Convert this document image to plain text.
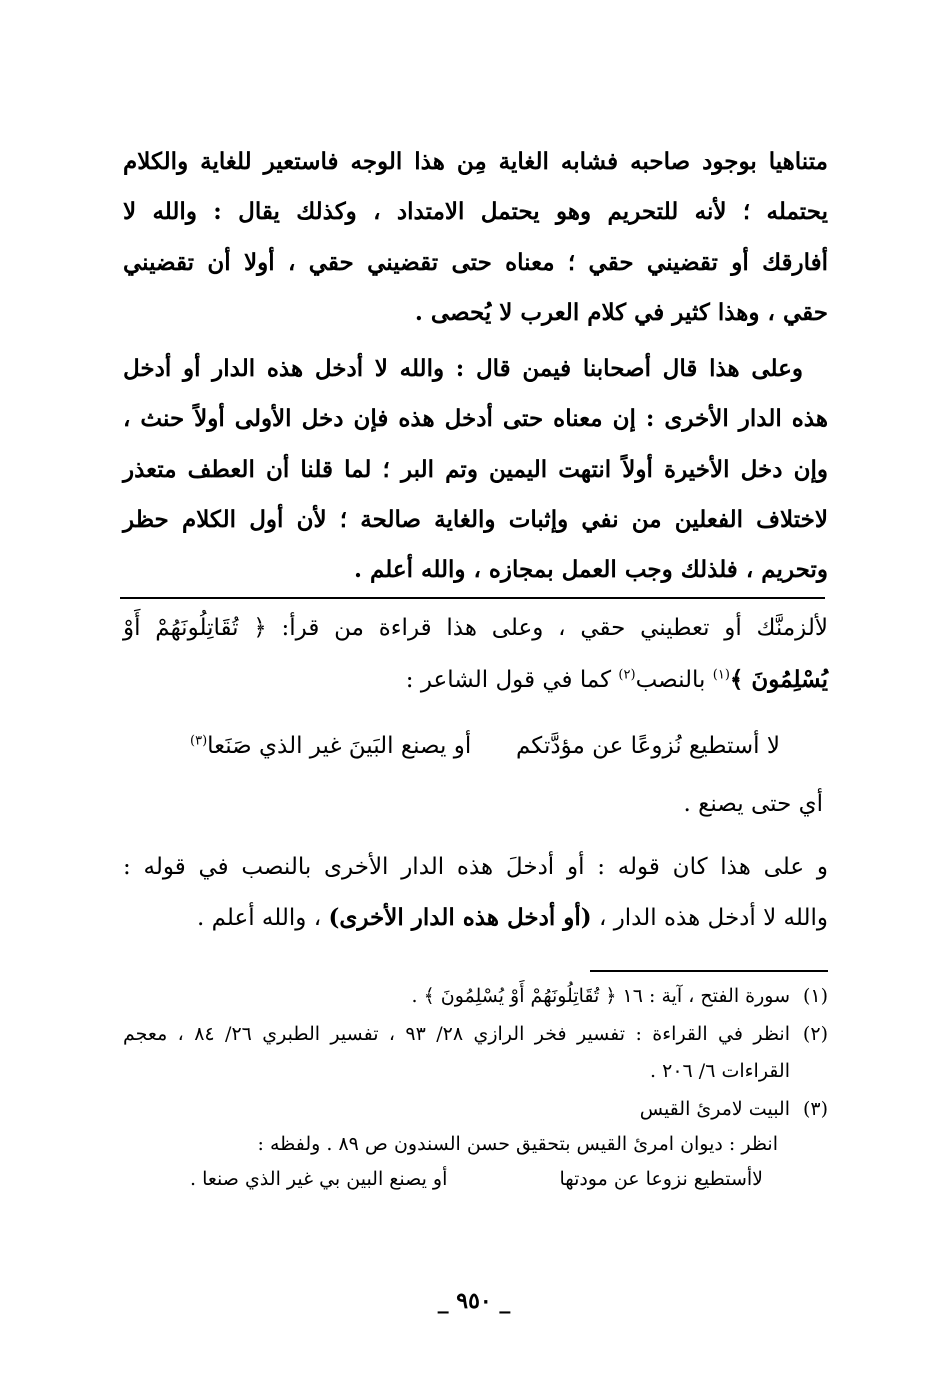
متناهيا بوجود صاحبه فشابه الغاية مِن هذا الوجه فاستعير للغاية والكلام
يحتمله ؛ لأنه للتحريم وهو يحتمل الامتداد ، وكذلك يقال : والله لا
أفارقك أو تقضيني حقي ؛ معناه حتى تقضيني حقي ، أولا أن تقضيني
حقي ، وهذا كثير في كلام العرب لا يُحصى .
وعلى هذا قال أصحابنا فيمن قال : والله لا أدخل هذه الدار أو أدخل
هذه الدار الأخرى : إن معناه حتى أدخل هذه فإن دخل الأولى أولاً حنث ،
وإن دخل الأخيرة أولاً انتهت اليمين وتم البر ؛ لما قلنا أن العطف متعذر
لاختلاف الفعلين من نفي وإثبات والغاية صالحة ؛ لأن أول الكلام حظر
وتحريم ، فلذلك وجب العمل بمجازه ، والله أعلم .
لألزمنَّك أو تعطيني حقي ، وعلى هذا قراءة من قرأ: ﴿ تُقَاتِلُونَهُمْ أَوْ
يُسْلِمُونَ ﴾$^{(١)}$ بالنصب$^{(٢)}$ كما في قول الشاعر :
لا أستطيع نُزوعًا عن مؤدَّتكم
أو يصنع البَينَ غير الذي صَنَعا$^{(٣)}$
أي حتى يصنع .
و على هذا كان قوله : أو أدخلَ هذه الدار الأخرى بالنصب في قوله :
والله لا أدخل هذه الدار ، (أو أدخل هذه الدار الأخرى) ، والله أعلم .
(١)سورة الفتح ، آية : ١٦ ﴿ تُقَاتِلُونَهُمْ أَوْ يُسْلِمُونَ ﴾ .
(٢)انظر في القراءة : تفسير فخر الرازي ٢٨/ ٩٣ ، تفسير الطبري ٢٦/ ٨٤ ، معجم
القراءات ٦/ ٢٠٦ .
(٣)البيت لامرئ القيس
انظر : ديوان امرئ القيس بتحقيق حسن السندون ص ٨٩ . ولفظه :
لاأستطيع نزوعا عن مودتها
أو يصنع البين بي غير الذي صنعا .
_ ٩٥٠ _
